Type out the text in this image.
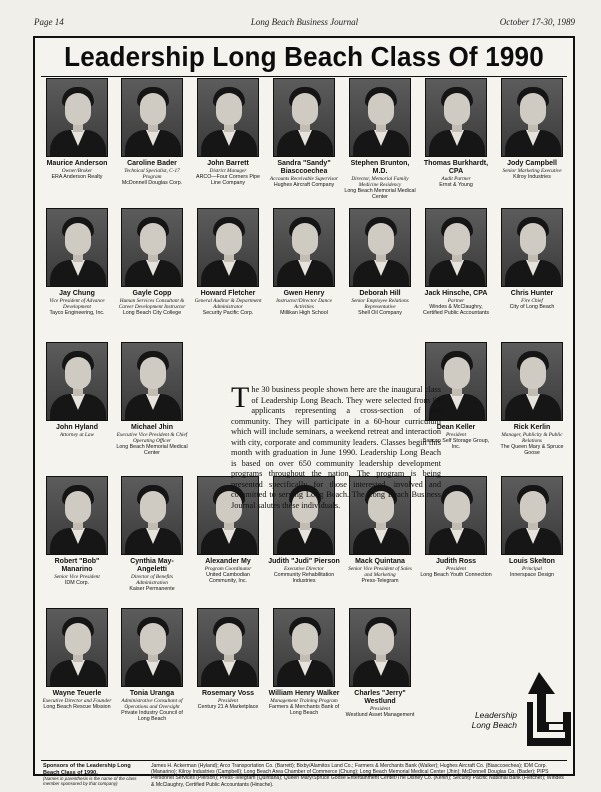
Page 14	Long Beach Business Journal	October 17-30, 1989
Leadership Long Beach Class Of 1990
Maurice Anderson
Owner/Broker
ERA Anderson Realty
Caroline Bader
Technical Specialist, C-17 Program
McDonnell Douglas Corp.
John Barrett
District Manager
ARCO—Four Corners Pipe Line Company
Sandra "Sandy" Biasccoechea
Accounts Receivable Supervisor
Hughes Aircraft Company
Stephen Brunton, M.D.
Director, Memorial Family Medicine Residency
Long Beach Memorial Medical Center
Thomas Burkhardt, CPA
Audit Partner
Ernst & Young
Jody Campbell
Senior Marketing Executive
Kilroy Industries
Jay Chung
Vice President of Advance Development
Tayco Engineering, Inc.
Gayle Copp
Human Services Consultant & Career Development Instructor
Long Beach City College
Howard Fletcher
General Auditor & Department Administrator
Security Pacific Corp.
Gwen Henry
Instructor/Director Dance Activities
Millikan High School
Deborah Hill
Senior Employee Relations Representative
Shell Oil Company
Jack Hinsche, CPA
Partner
Windes & McClaughry, Certified Public Accountants
Chris Hunter
Fire Chief
City of Long Beach
John Hyland
Attorney at Law
Michael Jhin
Executive Vice President & Chief Operating Officer
Long Beach Memorial Medical Center
Dean Keller
President
Bancap Self Storage Group, Inc.
Rick Kerlin
Manager, Publicity & Public Relations
The Queen Mary & Spruce Goose
Robert "Bob" Manarino
Senior Vice President
IDM Corp.
Cynthia May-Angeletti
Director of Benefits Administration
Kaiser Permanente
Alexander My
Program Coordinator
United Cambodian Community, Inc.
Judith "Judi" Pierson
Executive Director
Community Rehabilitation Industries
Mack Quintana
Senior Vice President of Sales and Marketing
Press-Telegram
Judith Ross
President
Long Beach Youth Connection
Louis Skelton
Principal
Innerspace Design
Wayne Teuerle
Executive Director and Founder
Long Beach Rescue Mission
Tonia Uranga
Administrative Consultant of Operations and Oversight
Private Industry Council of Long Beach
Rosemary Voss
President
Century 21 A Marketplace
William Henry Walker
Management Training Program
Farmers & Merchants Bank of Long Beach
Charles "Jerry" Westlund
President
Westlund Asset Management
The 30 business people shown here are the inaugural class of Leadership Long Beach. They were selected from 94 applicants representing a cross-section of the community. They will participate in a 60-hour curriculum which will include seminars, a weekend retreat and interaction with city, corporate and community leaders. Classes begin this month with graduation in June 1990. Leadership Long Beach is based on over 650 community leadership development programs throughout the nation. The program is being presented specifically for those interested, involved and committed to serving Long Beach. The Long Beach Business Journal salutes these individuals.
Leadership
Long Beach
Sponsors of the Leadership Long Beach Class of 1990.
(Names in parenthesis is the name of the class member sponsored by that company)
James H. Ackerman (Hyland); Arco Transportation Co. (Barrett); Bixby/Alamitos Land Co.; Farmers & Merchants Bank (Walker); Hughes Aircraft Co. (Biasccoechea); IDM Corp. (Manarino); Kilroy Industries (Campbell); Long Beach Area Chamber of Commerce (Chung); Long Beach Memorial Medical Center (Jhin); McDonnell Douglas Co. (Bader); PIPS Personnel Services (Pierson); Press-Telegram (Quintana); Queen Mary/Spruce Goose Entertainment Center/The Disney Co. (Kerlin); Security Pacific National Bank (Fletcher); Windes & McClaughry, Certified Public Accountants (Hinsche).
